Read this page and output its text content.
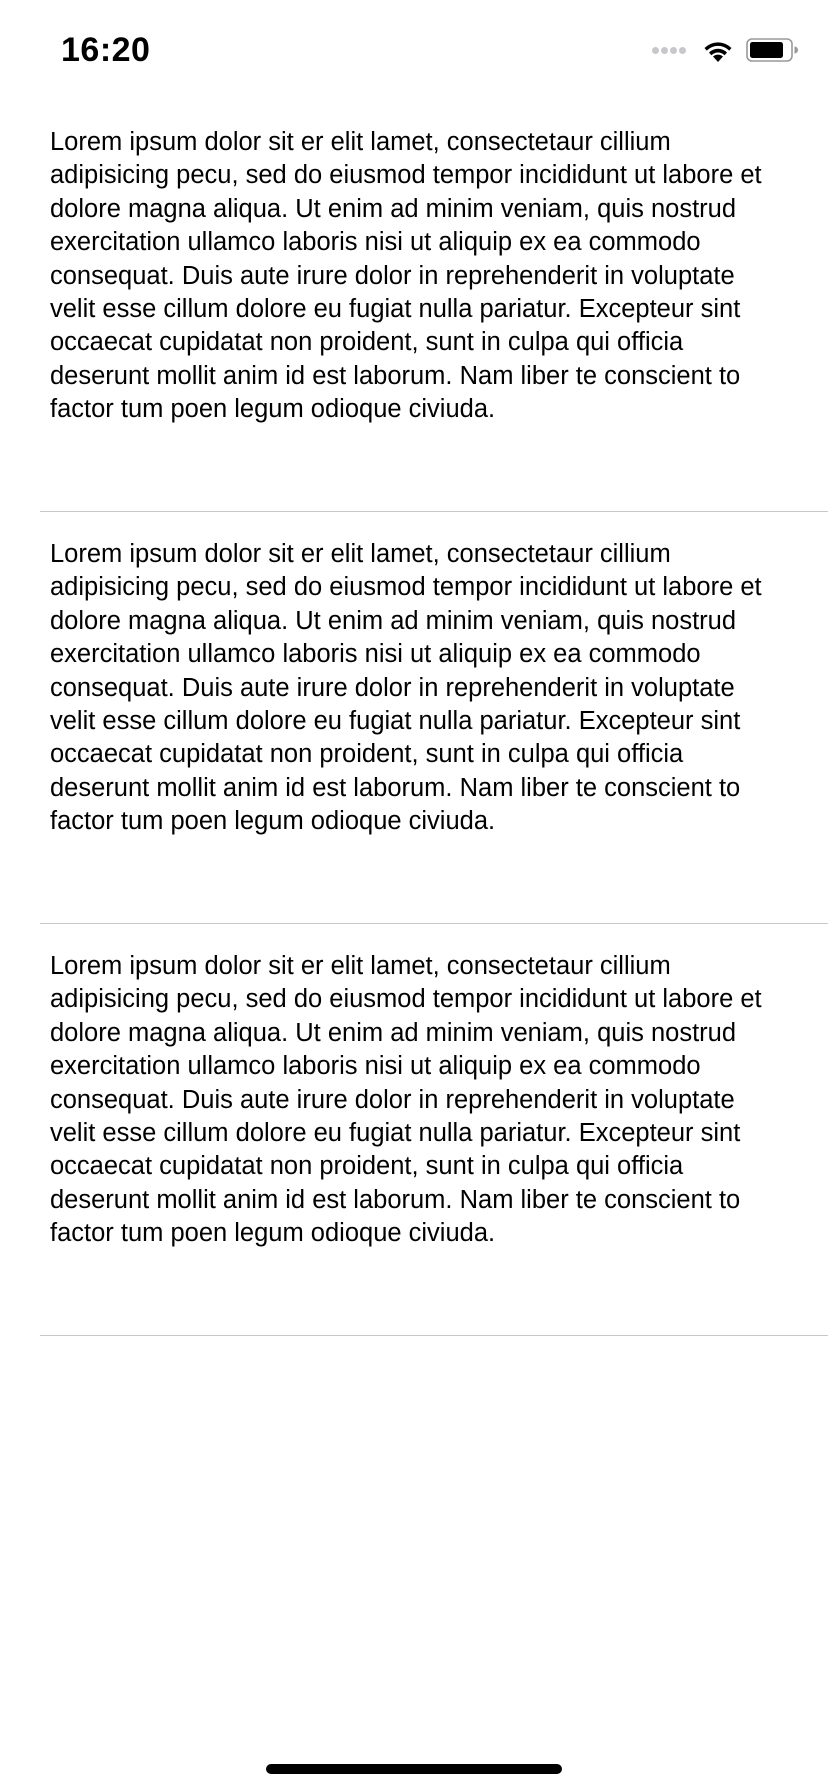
16:20

Lorem ipsum dolor sit er elit lamet, consectetaur cillium adipisicing pecu, sed do eiusmod tempor incididunt ut labore et dolore magna aliqua. Ut enim ad minim veniam, quis nostrud exercitation ullamco laboris nisi ut aliquip ex ea commodo consequat. Duis aute irure dolor in reprehenderit in voluptate velit esse cillum dolore eu fugiat nulla pariatur. Excepteur sint occaecat cupidatat non proident, sunt in culpa qui officia deserunt mollit anim id est laborum. Nam liber te conscient to factor tum poen legum odioque civiuda.

Lorem ipsum dolor sit er elit lamet, consectetaur cillium adipisicing pecu, sed do eiusmod tempor incididunt ut labore et dolore magna aliqua. Ut enim ad minim veniam, quis nostrud exercitation ullamco laboris nisi ut aliquip ex ea commodo consequat. Duis aute irure dolor in reprehenderit in voluptate velit esse cillum dolore eu fugiat nulla pariatur. Excepteur sint occaecat cupidatat non proident, sunt in culpa qui officia deserunt mollit anim id est laborum. Nam liber te conscient to factor tum poen legum odioque civiuda.

Lorem ipsum dolor sit er elit lamet, consectetaur cillium adipisicing pecu, sed do eiusmod tempor incididunt ut labore et dolore magna aliqua. Ut enim ad minim veniam, quis nostrud exercitation ullamco laboris nisi ut aliquip ex ea commodo consequat. Duis aute irure dolor in reprehenderit in voluptate velit esse cillum dolore eu fugiat nulla pariatur. Excepteur sint occaecat cupidatat non proident, sunt in culpa qui officia deserunt mollit anim id est laborum. Nam liber te conscient to factor tum poen legum odioque civiuda.
